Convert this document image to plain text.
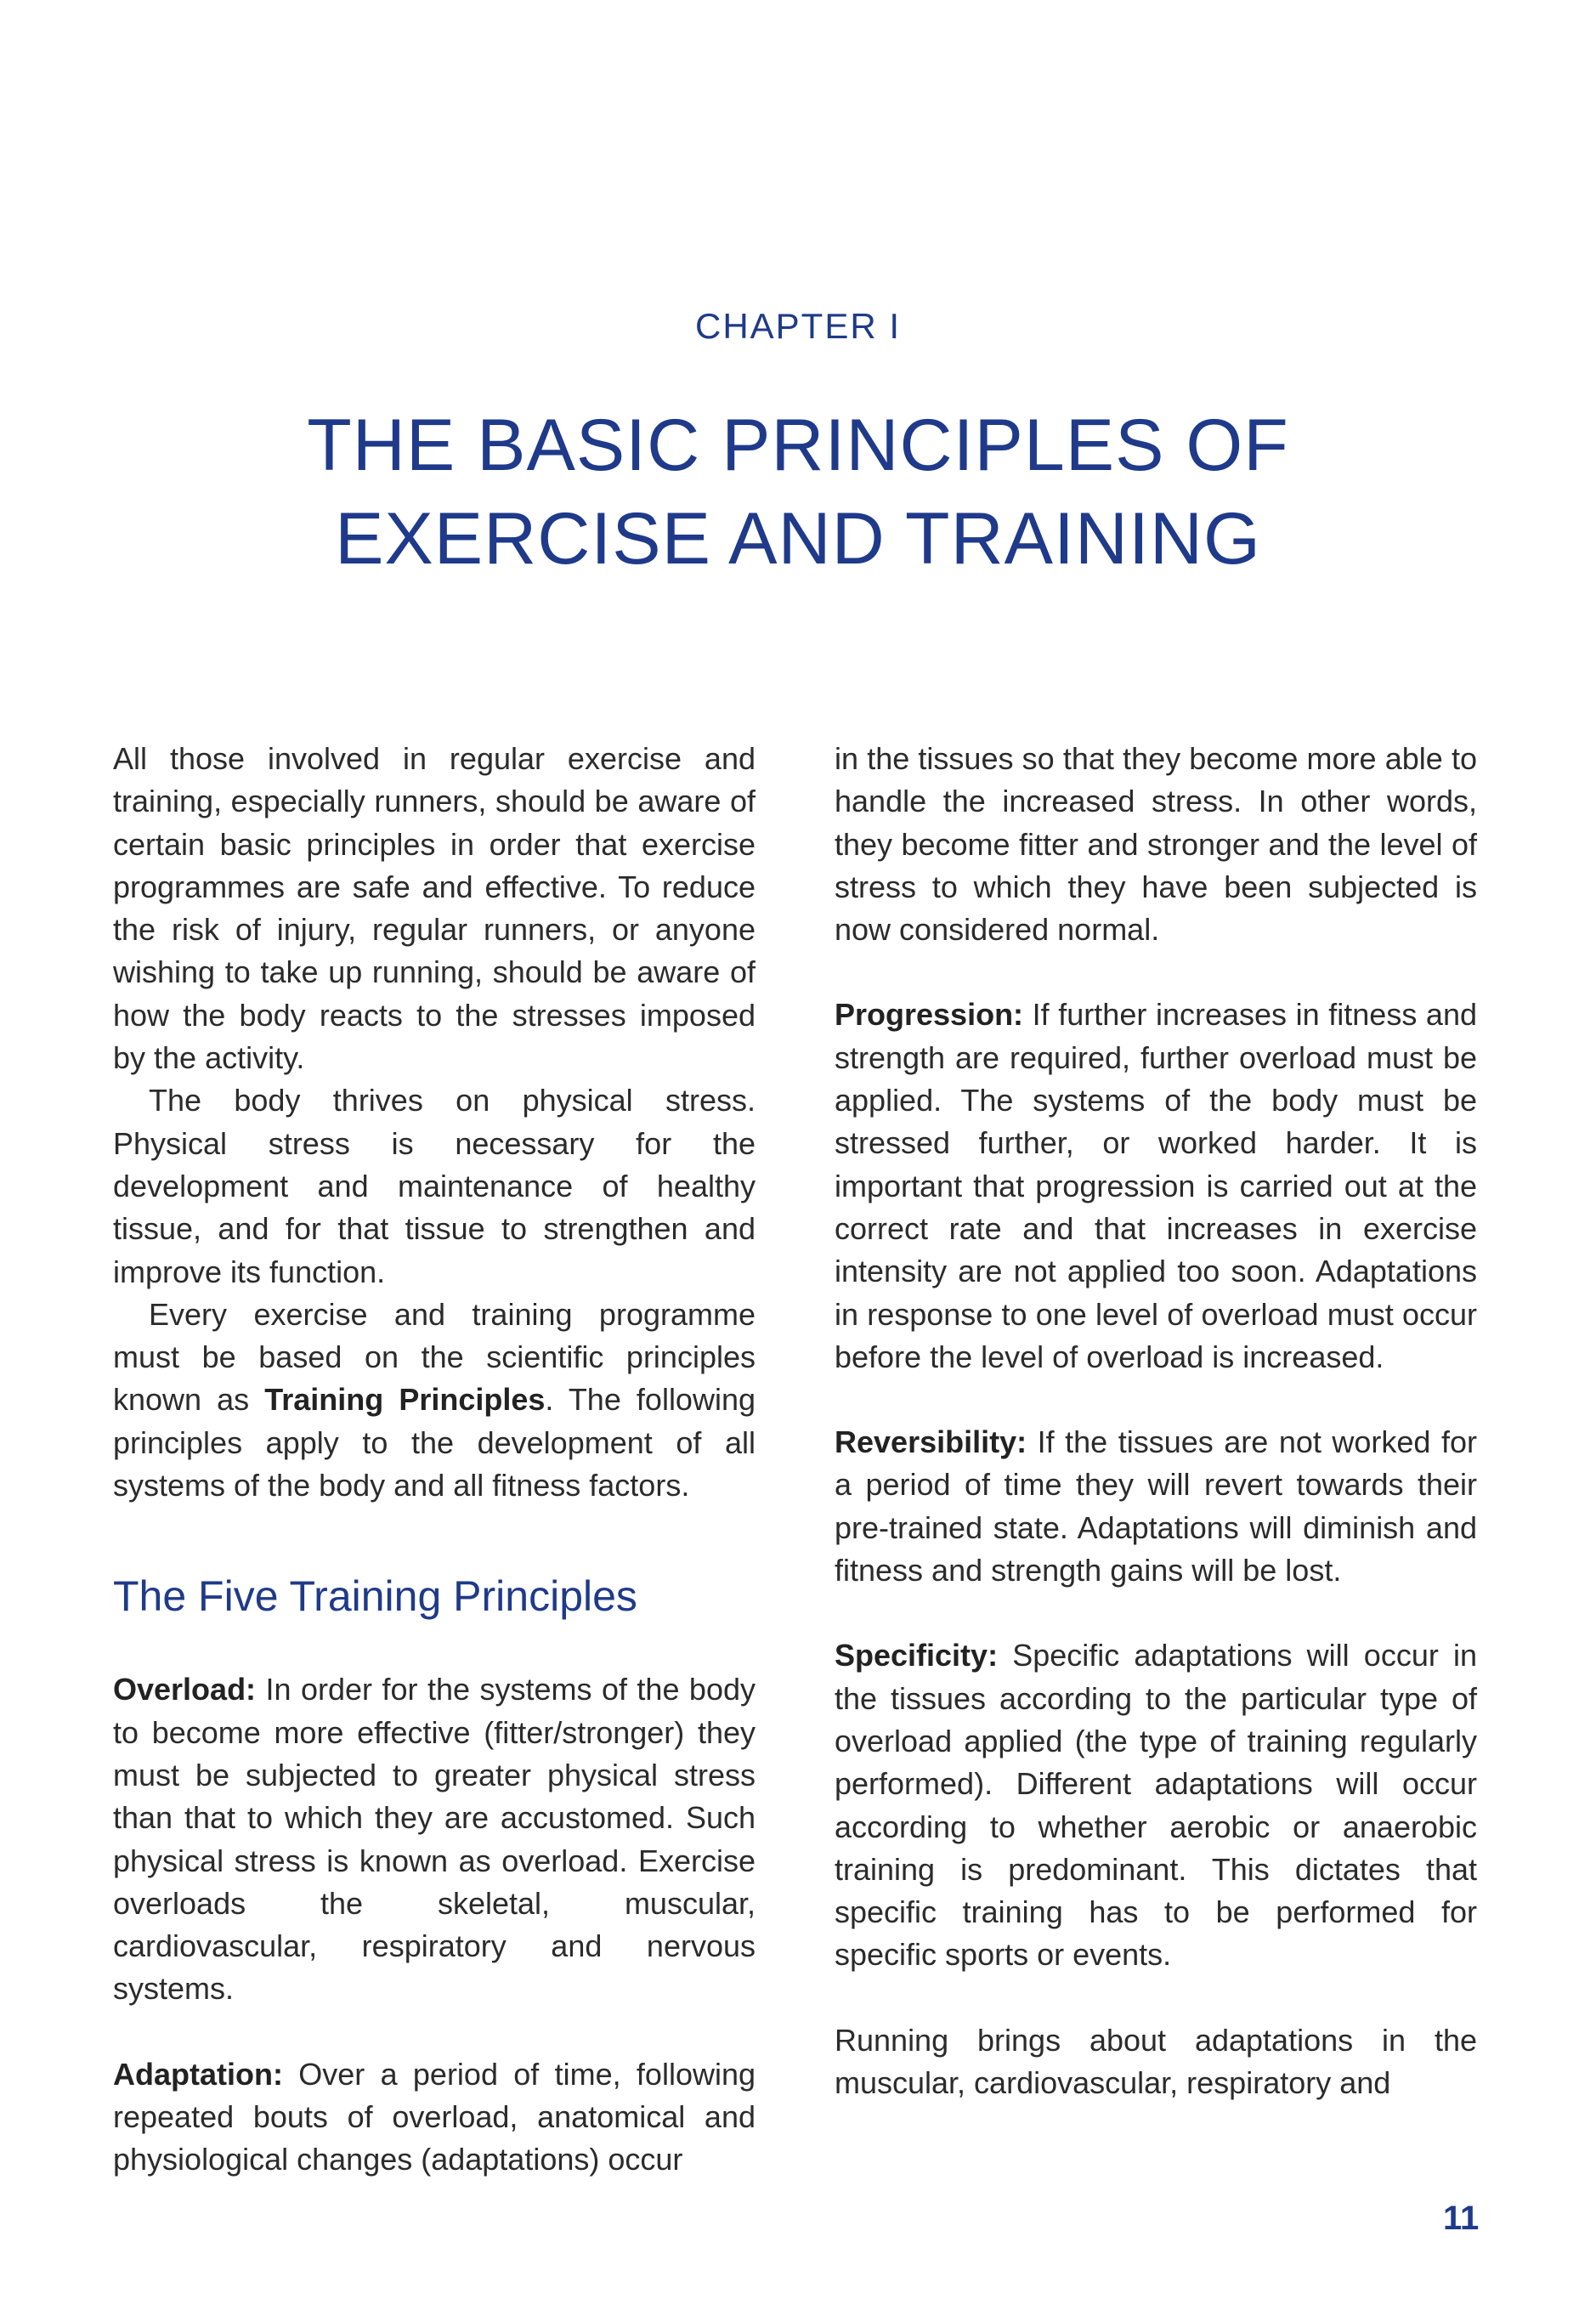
CHAPTER I
THE BASIC PRINCIPLES OF
EXERCISE AND TRAINING

All those involved in regular exercise and training, especially runners, should be aware of certain basic principles in order that exercise programmes are safe and effective. To reduce the risk of injury, regular runners, or anyone wishing to take up running, should be aware of how the body reacts to the stresses imposed by the activity.

The body thrives on physical stress. Physical stress is necessary for the development and maintenance of healthy tissue, and for that tissue to strengthen and improve its function.

Every exercise and training programme must be based on the scientific principles known as Training Principles. The following principles apply to the development of all systems of the body and all fitness factors.

The Five Training Principles

Overload: In order for the systems of the body to become more effective (fitter/stronger) they must be subjected to greater physical stress than that to which they are accustomed. Such physical stress is known as overload. Exercise overloads the skeletal, muscular, cardiovascular, respiratory and nervous systems.

Adaptation: Over a period of time, following repeated bouts of overload, anatomical and physiological changes (adaptations) occur

in the tissues so that they become more able to handle the increased stress. In other words, they become fitter and stronger and the level of stress to which they have been subjected is now considered normal.

Progression: If further increases in fitness and strength are required, further overload must be applied. The systems of the body must be stressed further, or worked harder. It is important that progression is carried out at the correct rate and that increases in exercise intensity are not applied too soon. Adaptations in response to one level of overload must occur before the level of overload is increased.

Reversibility: If the tissues are not worked for a period of time they will revert towards their pre-trained state. Adaptations will diminish and fitness and strength gains will be lost.

Specificity: Specific adaptations will occur in the tissues according to the particular type of overload applied (the type of training regularly performed). Different adaptations will occur according to whether aerobic or anaerobic training is predominant. This dictates that specific training has to be performed for specific sports or events.

Running brings about adaptations in the muscular, cardiovascular, respiratory and

11
